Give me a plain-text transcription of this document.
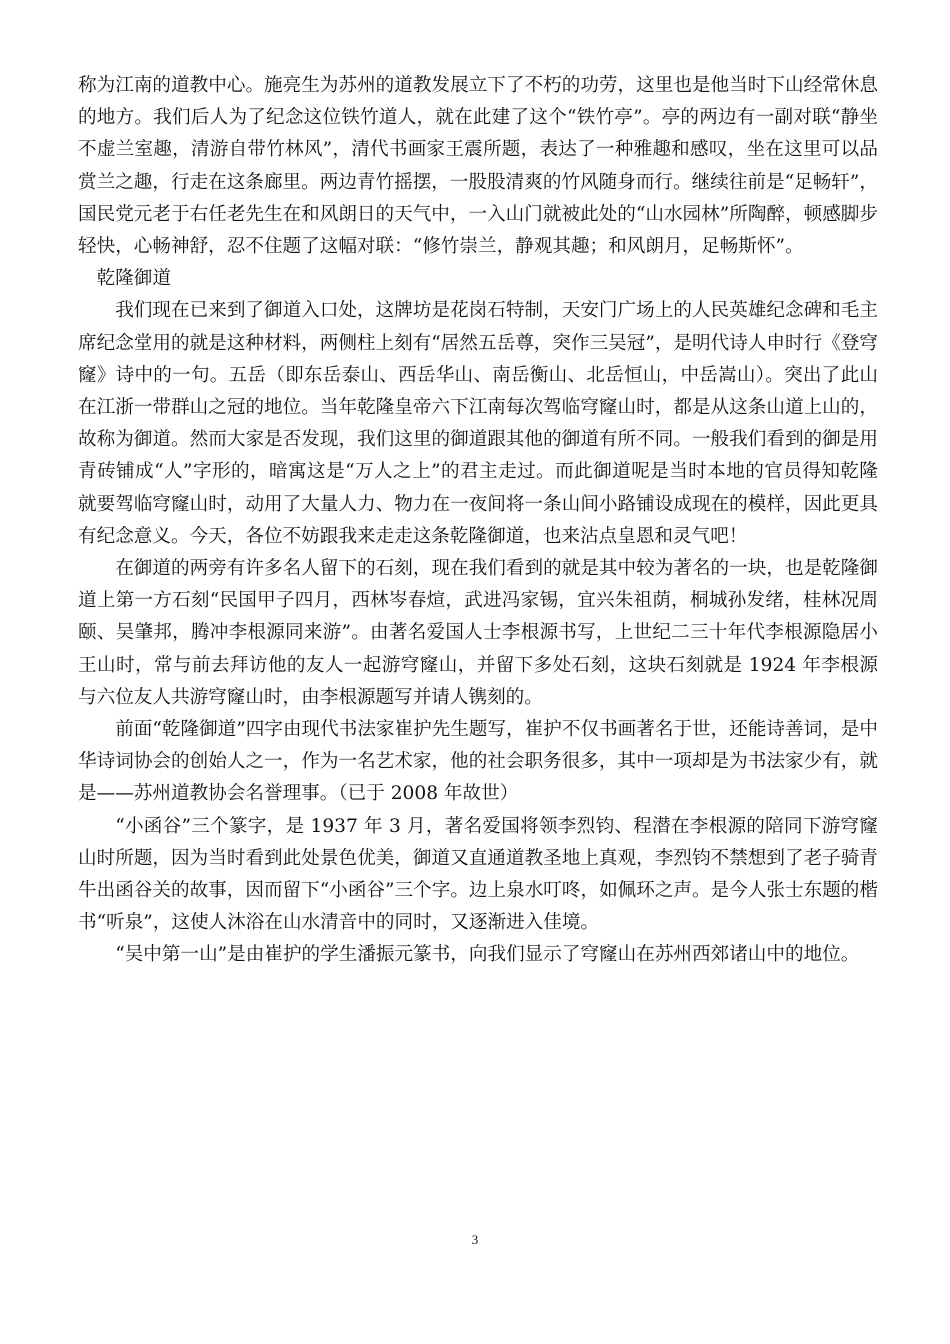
称为江南的道教中心。施亮生为苏州的道教发展立下了不朽的功劳，这里也是他当时下山经常休息的地方。我们后人为了纪念这位铁竹道人，就在此建了这个“铁竹亭”。亭的两边有一副对联“静坐不虚兰室趣，清游自带竹林风”，清代书画家王震所题，表达了一种雅趣和感叹，坐在这里可以品赏兰之趣，行走在这条廊里。两边青竹摇摆，一股股清爽的竹风随身而行。继续往前是“足畅轩”，国民党元老于右任老先生在和风朗日的天气中，一入山门就被此处的“山水园林”所陶醉，顿感脚步轻快，心畅神舒，忍不住题了这幅对联：“修竹崇兰，静观其趣；和风朗月，足畅斯怀”。

乾隆御道

我们现在已来到了御道入口处，这牌坊是花岗石特制，天安门广场上的人民英雄纪念碑和毛主席纪念堂用的就是这种材料，两侧柱上刻有“居然五岳尊，突作三吴冠”，是明代诗人申时行《登穹窿》诗中的一句。五岳（即东岳泰山、西岳华山、南岳衡山、北岳恒山，中岳嵩山）。突出了此山在江浙一带群山之冠的地位。当年乾隆皇帝六下江南每次驾临穹窿山时，都是从这条山道上山的，故称为御道。然而大家是否发现，我们这里的御道跟其他的御道有所不同。一般我们看到的御是用青砖铺成“人”字形的，暗寓这是“万人之上”的君主走过。而此御道呢是当时本地的官员得知乾隆就要驾临穹窿山时，动用了大量人力、物力在一夜间将一条山间小路铺设成现在的模样，因此更具有纪念意义。今天，各位不妨跟我来走走这条乾隆御道，也来沾点皇恩和灵气吧！

在御道的两旁有许多名人留下的石刻，现在我们看到的就是其中较为著名的一块，也是乾隆御道上第一方石刻“民国甲子四月，西林岑春煊，武进冯家锡，宜兴朱祖荫，桐城孙发绪，桂林况周颐、吴肇邦，腾冲李根源同来游”。由著名爱国人士李根源书写，上世纪二三十年代李根源隐居小王山时，常与前去拜访他的友人一起游穹窿山，并留下多处石刻，这块石刻就是 1924 年李根源与六位友人共游穹窿山时，由李根源题写并请人镌刻的。

前面“乾隆御道”四字由现代书法家崔护先生题写，崔护不仅书画著名于世，还能诗善词，是中华诗词协会的创始人之一，作为一名艺术家，他的社会职务很多，其中一项却是为书法家少有，就是——苏州道教协会名誉理事。（已于 2008 年故世）

“小函谷”三个篆字，是 1937 年 3 月，著名爱国将领李烈钧、程潜在李根源的陪同下游穹窿山时所题，因为当时看到此处景色优美，御道又直通道教圣地上真观，李烈钧不禁想到了老子骑青牛出函谷关的故事，因而留下“小函谷”三个字。边上泉水叮咚，如佩环之声。是今人张士东题的楷书“听泉”，这使人沐浴在山水清音中的同时，又逐渐进入佳境。

“吴中第一山”是由崔护的学生潘振元篆书，向我们显示了穹窿山在苏州西郊诸山中的地位。

3
